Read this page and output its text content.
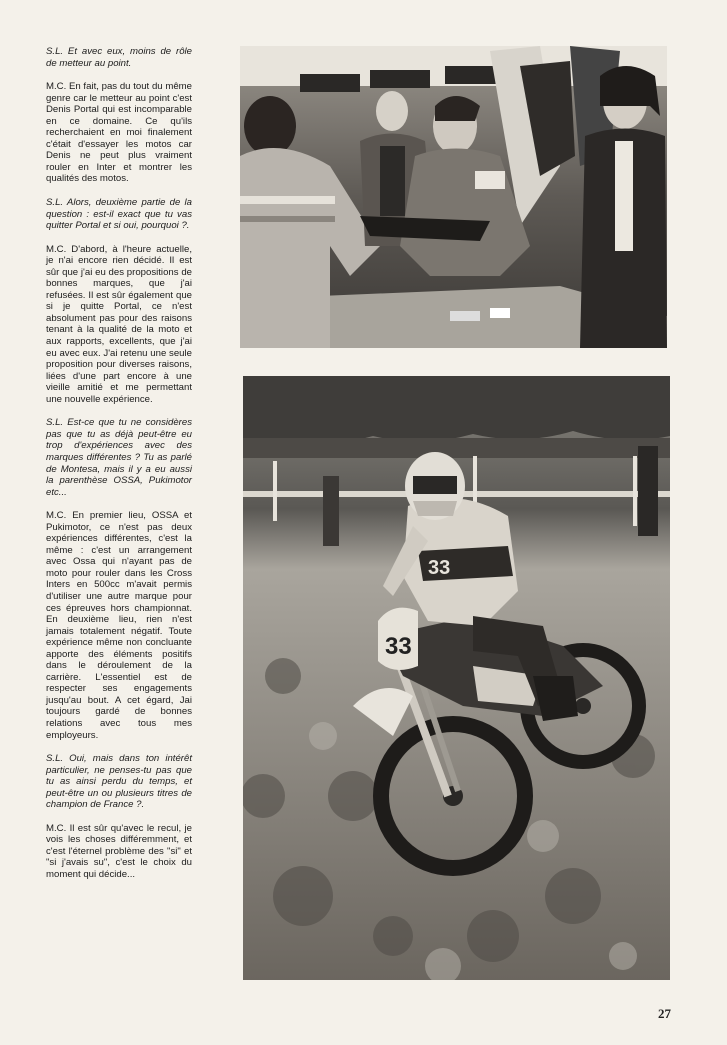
S.L. Et avec eux, moins de rôle de metteur au point.

M.C. En fait, pas du tout du même genre car le metteur au point c'est Denis Portal qui est incomparable en ce domaine. Ce qu'ils recherchaient en moi finalement c'était d'essayer les motos car Denis ne peut plus vraiment rouler en Inter et montrer les qualités des motos.

S.L. Alors, deuxième partie de la question : est-il exact que tu vas quitter Portal et si oui, pourquoi ?.

M.C. D'abord, à l'heure actuelle, je n'ai encore rien décidé. Il est sûr que j'ai eu des propositions de bonnes marques, que j'ai refusées. Il est sûr également que si je quitte Portal, ce n'est absolument pas pour des raisons tenant à la qualité de la moto et aux rapports, excellents, que j'ai eu avec eux. J'ai retenu une seule proposition pour diverses raisons, liées d'une part encore à une vieille amitié et me permettant une nouvelle expérience.

S.L. Est-ce que tu ne considères pas que tu as déjà peut-être eu trop d'expériences avec des marques différentes ? Tu as parlé de Montesa, mais il y a eu aussi la parenthèse OSSA, Pukimotor etc...

M.C. En premier lieu, OSSA et Pukimotor, ce n'est pas deux expériences différentes, c'est la même : c'est un arrangement avec Ossa qui n'ayant pas de moto pour rouler dans les Cross Inters en 500cc m'avait permis d'utiliser une autre marque pour ces épreuves hors championnat. En deuxième lieu, rien n'est jamais totalement négatif. Toute expérience même non concluante apporte des éléments positifs dans le déroulement de la carrière. L'essentiel est de respecter ses engagements jusqu'au bout. A cet égard, Jai toujours gardé de bonnes relations avec tous mes employeurs.

S.L. Oui, mais dans ton intérêt particulier, ne penses-tu pas que tu as ainsi perdu du temps, et peut-être un ou plusieurs titres de champion de France ?.

M.C. Il est sûr qu'avec le recul, je vois les choses différemment, et c'est l'éternel problème des "si" et "si j'avais su", c'est le choix du moment qui décide...

33
33
27
